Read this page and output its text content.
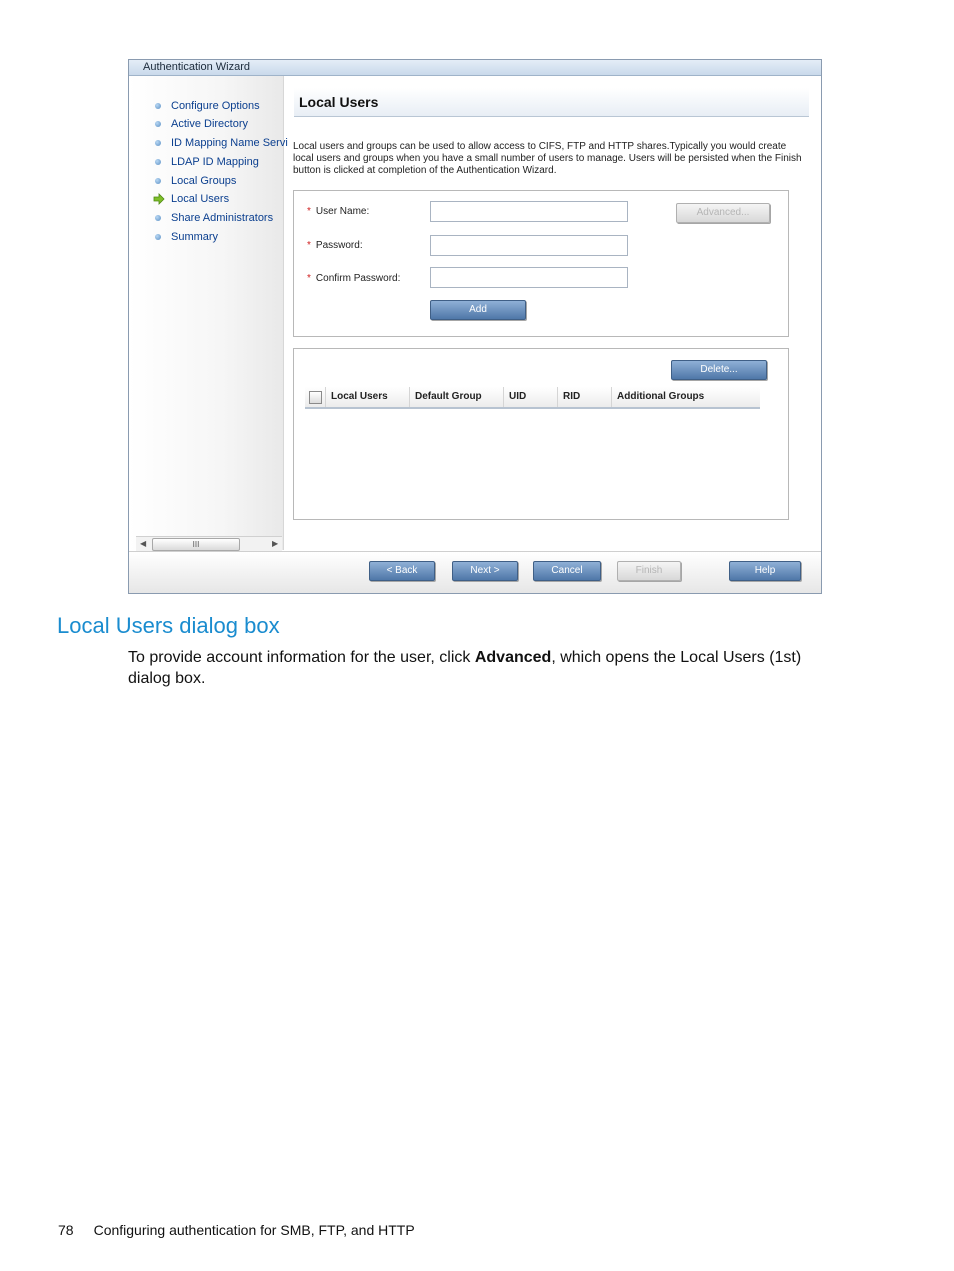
Authentication Wizard
Configure Options
Active Directory
ID Mapping Name Servi
LDAP ID Mapping
Local Groups
Local Users
Share Administrators
Summary
◀	III	▶
Local Users
Local users and groups can be used to allow access to CIFS, FTP and HTTP shares.Typically you would create local users and groups when you have a small number of users to manage. Users will be persisted when the Finish button is clicked at completion of the Authentication Wizard.
* User Name:	Advanced...
* Password:
* Confirm Password:
Add
Delete...
Local Users	Default Group	UID	RID	Additional Groups
< Back	Next >	Cancel	Finish	Help
Local Users dialog box
To provide account information for the user, click Advanced, which opens the Local Users (1st) dialog box.
78 Configuring authentication for SMB, FTP, and HTTP
